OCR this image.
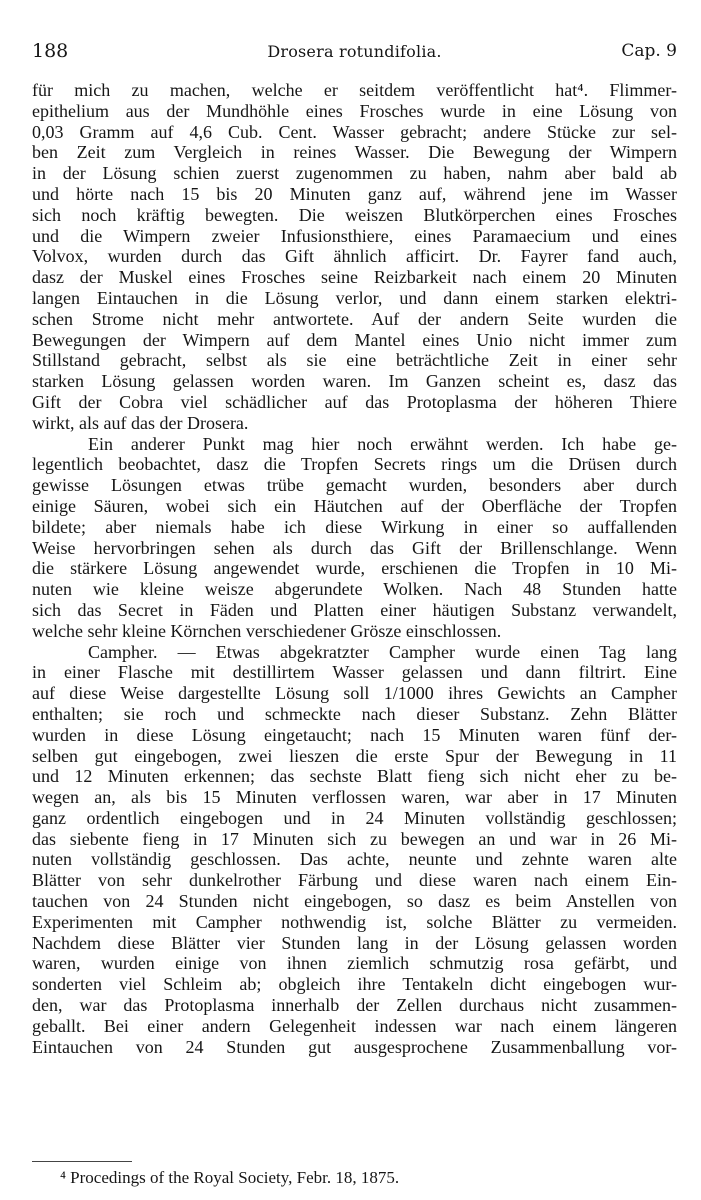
188	Drosera rotundifolia.	Cap. 9
für mich zu machen, welche er seitdem veröffentlicht hat⁴. Flimmer-
epithelium aus der Mundhöhle eines Frosches wurde in eine Lösung von
0,03 Gramm auf 4,6 Cub. Cent. Wasser gebracht; andere Stücke zur sel-
ben Zeit zum Vergleich in reines Wasser. Die Bewegung der Wimpern
in der Lösung schien zuerst zugenommen zu haben, nahm aber bald ab
und hörte nach 15 bis 20 Minuten ganz auf, während jene im Wasser
sich noch kräftig bewegten. Die weiszen Blutkörperchen eines Frosches
und die Wimpern zweier Infusionsthiere, eines Paramaecium und eines
Volvox, wurden durch das Gift ähnlich afficirt. Dr. Fayrer fand auch,
dasz der Muskel eines Frosches seine Reizbarkeit nach einem 20 Minuten
langen Eintauchen in die Lösung verlor, und dann einem starken elektri-
schen Strome nicht mehr antwortete. Auf der andern Seite wurden die
Bewegungen der Wimpern auf dem Mantel eines Unio nicht immer zum
Stillstand gebracht, selbst als sie eine beträchtliche Zeit in einer sehr
starken Lösung gelassen worden waren. Im Ganzen scheint es, dasz das
Gift der Cobra viel schädlicher auf das Protoplasma der höheren Thiere
wirkt, als auf das der Drosera.
Ein anderer Punkt mag hier noch erwähnt werden. Ich habe ge-
legentlich beobachtet, dasz die Tropfen Secrets rings um die Drüsen durch
gewisse Lösungen etwas trübe gemacht wurden, besonders aber durch
einige Säuren, wobei sich ein Häutchen auf der Oberfläche der Tropfen
bildete; aber niemals habe ich diese Wirkung in einer so auffallenden
Weise hervorbringen sehen als durch das Gift der Brillenschlange. Wenn
die stärkere Lösung angewendet wurde, erschienen die Tropfen in 10 Mi-
nuten wie kleine weisze abgerundete Wolken. Nach 48 Stunden hatte
sich das Secret in Fäden und Platten einer häutigen Substanz verwandelt,
welche sehr kleine Körnchen verschiedener Grösze einschlossen.
Campher. — Etwas abgekratzter Campher wurde einen Tag lang
in einer Flasche mit destillirtem Wasser gelassen und dann filtrirt. Eine
auf diese Weise dargestellte Lösung soll 1/1000 ihres Gewichts an Campher
enthalten; sie roch und schmeckte nach dieser Substanz. Zehn Blätter
wurden in diese Lösung eingetaucht; nach 15 Minuten waren fünf der-
selben gut eingebogen, zwei lieszen die erste Spur der Bewegung in 11
und 12 Minuten erkennen; das sechste Blatt fieng sich nicht eher zu be-
wegen an, als bis 15 Minuten verflossen waren, war aber in 17 Minuten
ganz ordentlich eingebogen und in 24 Minuten vollständig geschlossen;
das siebente fieng in 17 Minuten sich zu bewegen an und war in 26 Mi-
nuten vollständig geschlossen. Das achte, neunte und zehnte waren alte
Blätter von sehr dunkelrother Färbung und diese waren nach einem Ein-
tauchen von 24 Stunden nicht eingebogen, so dasz es beim Anstellen von
Experimenten mit Campher nothwendig ist, solche Blätter zu vermeiden.
Nachdem diese Blätter vier Stunden lang in der Lösung gelassen worden
waren, wurden einige von ihnen ziemlich schmutzig rosa gefärbt, und
sonderten viel Schleim ab; obgleich ihre Tentakeln dicht eingebogen wur-
den, war das Protoplasma innerhalb der Zellen durchaus nicht zusammen-
geballt. Bei einer andern Gelegenheit indessen war nach einem längeren
Eintauchen von 24 Stunden gut ausgesprochene Zusammenballung vor-
⁴ Procedings of the Royal Society, Febr. 18, 1875.
